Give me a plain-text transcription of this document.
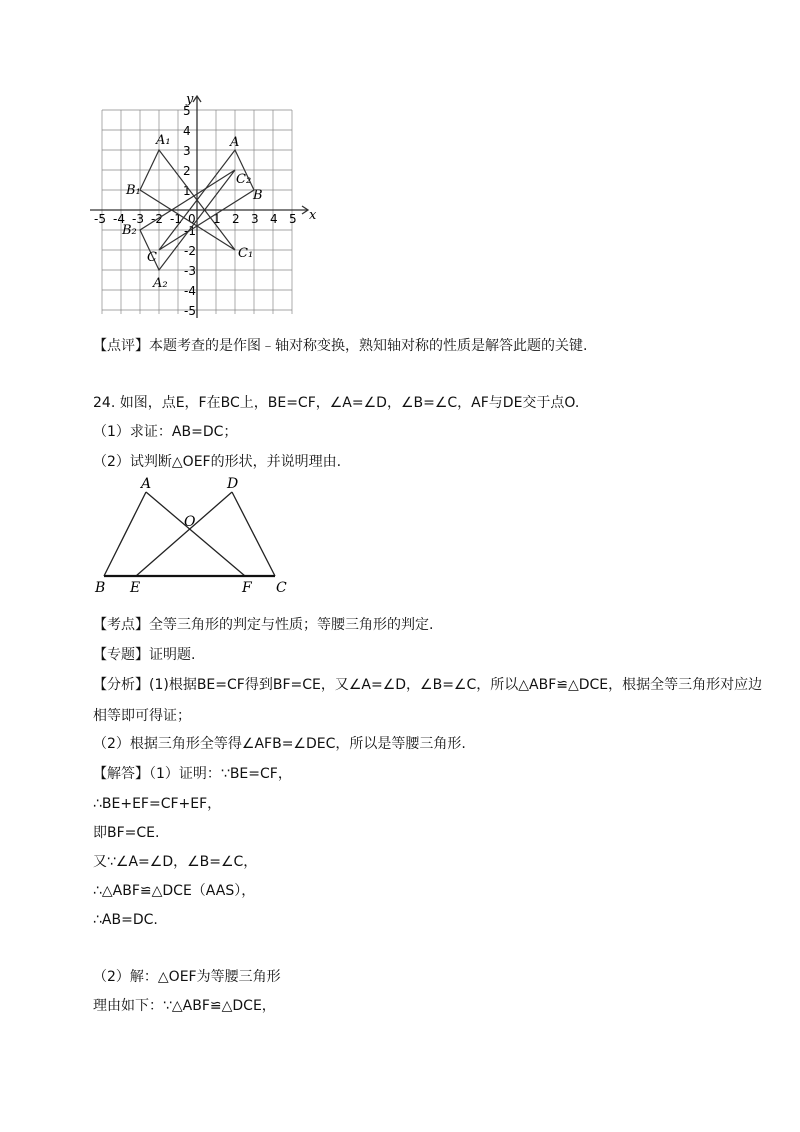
x
y
-5 -4 -3 -2 -1 0 1 2 3 4 5
5
4
3
2
1
-1
-2
-3
-4
-5
A
B
C
A₁
B₁
C₁
A₂
B₂
C₂
【点评】本题考查的是作图﹣轴对称变换，熟知轴对称的性质是解答此题的关键.
24. 如图，点E，F在BC上，BE=CF，∠A=∠D，∠B=∠C，AF与DE交于点O.
（1）求证：AB=DC；
（2）试判断△OEF的形状，并说明理由.
A	D
O
B E	F C
【考点】全等三角形的判定与性质；等腰三角形的判定.
【专题】证明题.
【分析】(1)根据BE=CF得到BF=CE，又∠A=∠D，∠B=∠C，所以△ABF≌△DCE，根据全等三角形对应边
相等即可得证；
（2）根据三角形全等得∠AFB=∠DEC，所以是等腰三角形.
【解答】（1）证明：∵BE=CF，
∴BE+EF=CF+EF，
即BF=CE.
又∵∠A=∠D，∠B=∠C，
∴△ABF≌△DCE（AAS），
∴AB=DC.
（2）解：△OEF为等腰三角形
理由如下：∵△ABF≌△DCE，
